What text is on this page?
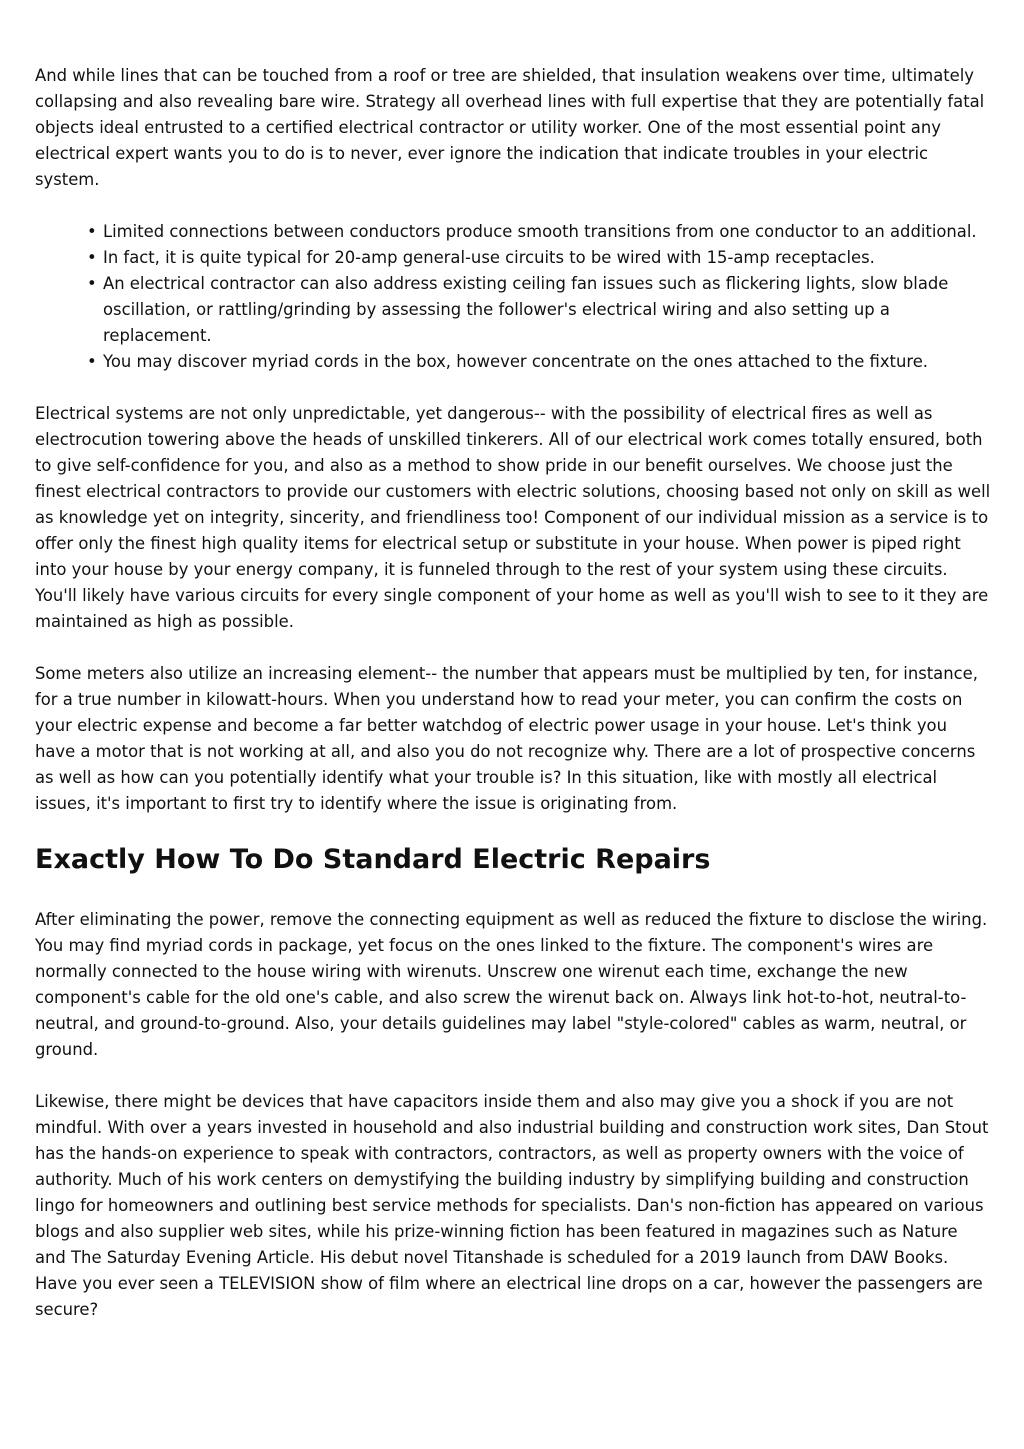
And while lines that can be touched from a roof or tree are shielded, that insulation weakens over time, ultimately collapsing and also revealing bare wire. Strategy all overhead lines with full expertise that they are potentially fatal objects ideal entrusted to a certified electrical contractor or utility worker. One of the most essential point any electrical expert wants you to do is to never, ever ignore the indication that indicate troubles in your electric system.

• Limited connections between conductors produce smooth transitions from one conductor to an additional.
• In fact, it is quite typical for 20-amp general-use circuits to be wired with 15-amp receptacles.
• An electrical contractor can also address existing ceiling fan issues such as flickering lights, slow blade oscillation, or rattling/grinding by assessing the follower's electrical wiring and also setting up a replacement.
• You may discover myriad cords in the box, however concentrate on the ones attached to the fixture.

Electrical systems are not only unpredictable, yet dangerous-- with the possibility of electrical fires as well as electrocution towering above the heads of unskilled tinkerers. All of our electrical work comes totally ensured, both to give self-confidence for you, and also as a method to show pride in our benefit ourselves. We choose just the finest electrical contractors to provide our customers with electric solutions, choosing based not only on skill as well as knowledge yet on integrity, sincerity, and friendliness too! Component of our individual mission as a service is to offer only the finest high quality items for electrical setup or substitute in your house. When power is piped right into your house by your energy company, it is funneled through to the rest of your system using these circuits. You'll likely have various circuits for every single component of your home as well as you'll wish to see to it they are maintained as high as possible.

Some meters also utilize an increasing element-- the number that appears must be multiplied by ten, for instance, for a true number in kilowatt-hours. When you understand how to read your meter, you can confirm the costs on your electric expense and become a far better watchdog of electric power usage in your house. Let's think you have a motor that is not working at all, and also you do not recognize why. There are a lot of prospective concerns as well as how can you potentially identify what your trouble is? In this situation, like with mostly all electrical issues, it's important to first try to identify where the issue is originating from.

Exactly How To Do Standard Electric Repairs

After eliminating the power, remove the connecting equipment as well as reduced the fixture to disclose the wiring. You may find myriad cords in package, yet focus on the ones linked to the fixture. The component's wires are normally connected to the house wiring with wirenuts. Unscrew one wirenut each time, exchange the new component's cable for the old one's cable, and also screw the wirenut back on. Always link hot-to-hot, neutral-to-neutral, and ground-to-ground. Also, your details guidelines may label "style-colored" cables as warm, neutral, or ground.

Likewise, there might be devices that have capacitors inside them and also may give you a shock if you are not mindful. With over a years invested in household and also industrial building and construction work sites, Dan Stout has the hands-on experience to speak with contractors, contractors, as well as property owners with the voice of authority. Much of his work centers on demystifying the building industry by simplifying building and construction lingo for homeowners and outlining best service methods for specialists. Dan's non-fiction has appeared on various blogs and also supplier web sites, while his prize-winning fiction has been featured in magazines such as Nature and The Saturday Evening Article. His debut novel Titanshade is scheduled for a 2019 launch from DAW Books. Have you ever seen a TELEVISION show of film where an electrical line drops on a car, however the passengers are secure?
